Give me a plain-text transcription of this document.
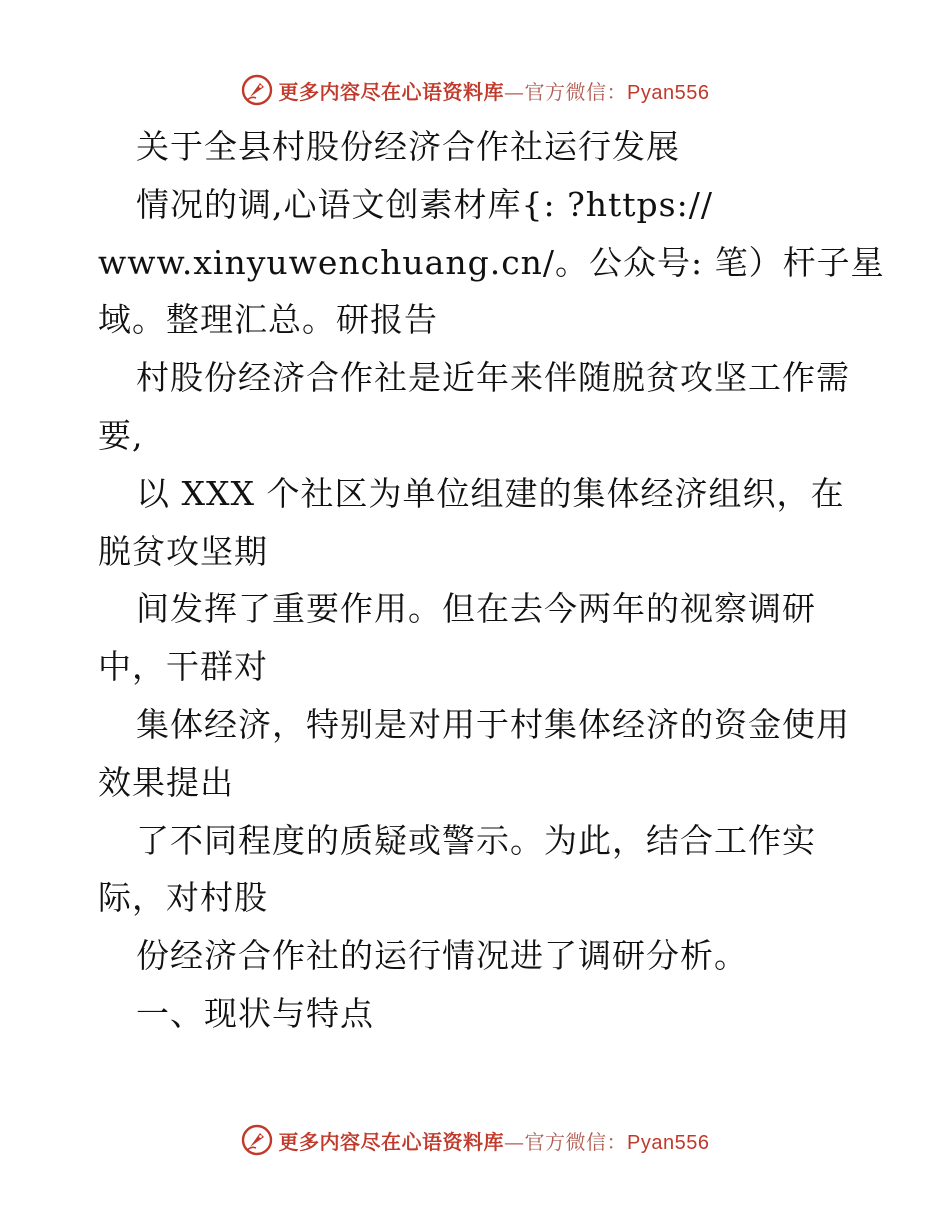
更多内容尽在心语资料库—官方微信：Pyan556
关于全县村股份经济合作社运行发展
情况的调,心语文创素材库{: ?https://
www.xinyuwenchuang.cn/。公众号: 笔）杆子星
域。整理汇总。研报告
村股份经济合作社是近年来伴随脱贫攻坚工作需
要,
以 XXX 个社区为单位组建的集体经济组织，在
脱贫攻坚期
间发挥了重要作用。但在去今两年的视察调研
中，干群对
集体经济，特别是对用于村集体经济的资金使用
效果提出
了不同程度的质疑或警示。为此，结合工作实
际，对村股
份经济合作社的运行情况进了调研分析。
一、现状与特点
更多内容尽在心语资料库—官方微信：Pyan556
